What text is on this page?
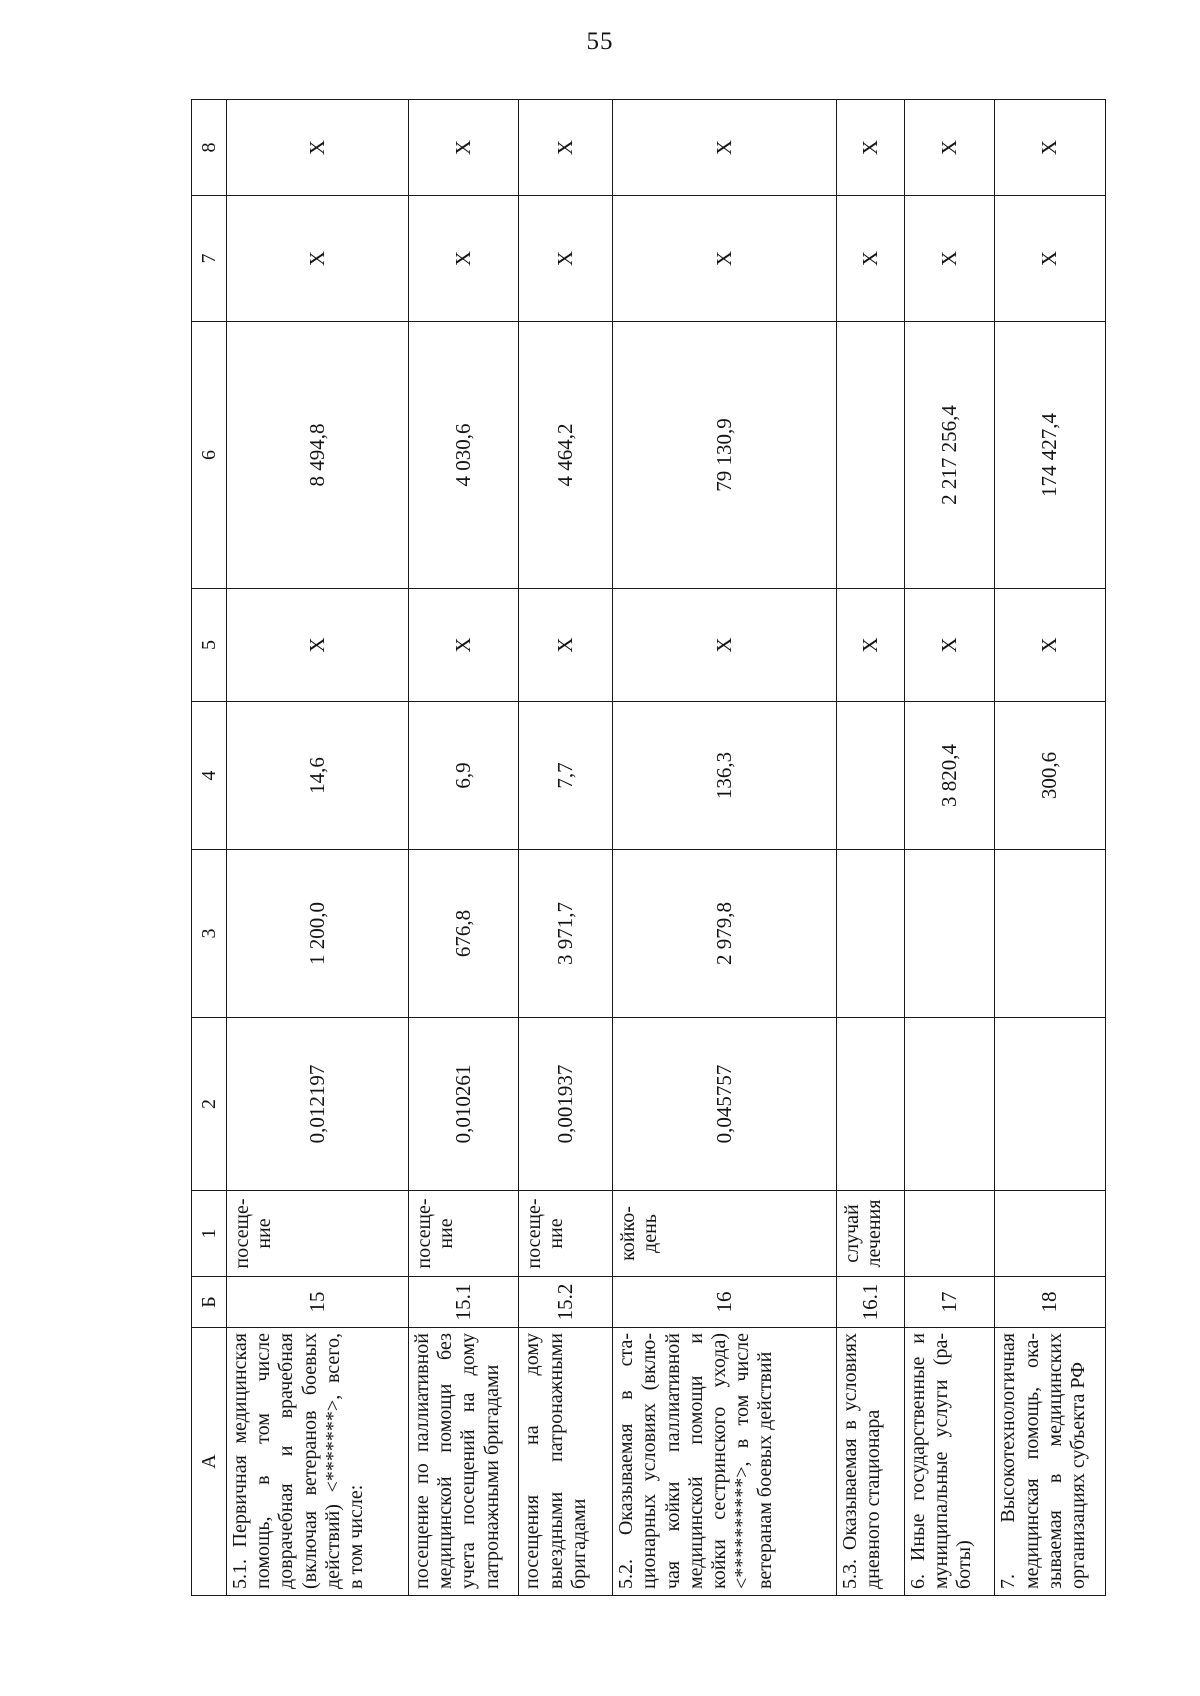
55
А	Б	1	2	3	4	5	6	7	8
5.1. Первичная медицинская помощь, в том числе доврачебная и врачебная (включая ветеранов боевых действий) <*******>, всего, в том числе:	15	посеще-ние	0,012197	1 200,0	14,6	Х	8 494,8	Х	Х
посещение по паллиативной медицинской помощи без учета посещений на дому патронажными бригадами	15.1	посеще-ние	0,010261	676,8	6,9	Х	4 030,6	Х	Х
посещения на дому выездными патронажными бригадами	15.2	посеще-ние	0,001937	3 971,7	7,7	Х	4 464,2	Х	Х
5.2. Оказываемая в ста-ционарных условиях (вклю-чая койки паллиативной медицинской помощи и койки сестринского ухода) <**********>, в том числе ветеранам боевых действий	16	койко-день	0,045757	2 979,8	136,3	Х	79 130,9	Х	Х
5.3. Оказываемая в условиях дневного стационара	16.1	случай лечения				Х		Х	Х
6. Иные государственные и муниципальные услуги (ра-боты)	17				3 820,4	Х	2 217 256,4	Х	Х
7. Высокотехнологичная медицинская помощь, ока-зываемая в медицинских организациях субъекта РФ	18				300,6	Х	174 427,4	Х	Х
